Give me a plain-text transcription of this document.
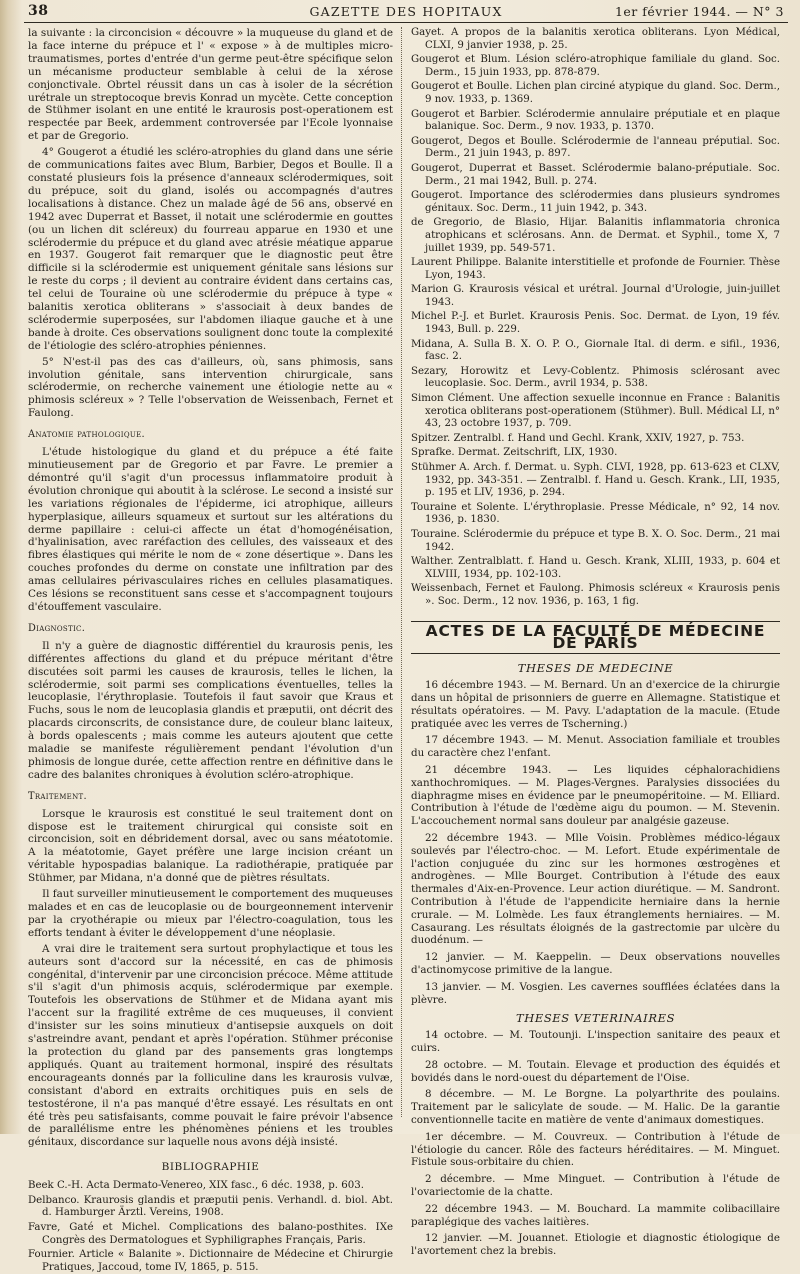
38	GAZETTE DES HOPITAUX	1er février 1944. — N° 3

la suivante : la circoncision « découvre » la muqueuse du gland et de la face interne du prépuce et l' « expose » à de multiples micro-traumatismes, portes d'entrée d'un germe peut-être spécifique selon un mécanisme producteur semblable à celui de la xérose conjonctivale. Obrtel réussit dans un cas à isoler de la sécrétion urétrale un streptocoque brevis Konrad un mycète. Cette conception de Stühmer isolant en une entité le kraurosis post-operationem est respectée par Beek, ardemment controversée par l'Ecole lyonnaise et par de Gregorio.

4° Gougerot a étudié les scléro-atrophies du gland dans une série de communications faites avec Blum, Barbier, Degos et Boulle. Il a constaté plusieurs fois la présence d'anneaux sclérodermiques, soit du prépuce, soit du gland, isolés ou accompagnés d'autres localisations à distance. Chez un malade âgé de 56 ans, observé en 1942 avec Duperrat et Basset, il notait une sclérodermie en gouttes (ou un lichen dit scléreux) du fourreau apparue en 1930 et une sclérodermie du prépuce et du gland avec atrésie méatique apparue en 1937. Gougerot fait remarquer que le diagnostic peut être difficile si la sclérodermie est uniquement génitale sans lésions sur le reste du corps ; il devient au contraire évident dans certains cas, tel celui de Touraine où une sclérodermie du prépuce à type « balanitis xerotica obliterans » s'associait à deux bandes de sclérodermie superposées, sur l'abdomen iliaque gauche et à une bande à droite. Ces observations soulignent donc toute la complexité de l'étiologie des scléro-atrophies péniennes.

5° N'est-il pas des cas d'ailleurs, où, sans phimosis, sans involution génitale, sans intervention chirurgicale, sans sclérodermie, on recherche vainement une étiologie nette au « phimosis scléreux » ? Telle l'observation de Weissenbach, Fernet et Faulong.

Anatomie pathologique.

L'étude histologique du gland et du prépuce a été faite minutieusement par de Gregorio et par Favre. Le premier a démontré qu'il s'agit d'un processus inflammatoire produit à évolution chronique qui aboutit à la sclérose. Le second a insisté sur les variations régionales de l'épiderme, ici atrophique, ailleurs hyperplasique, ailleurs squameux et surtout sur les altérations du derme papillaire : celui-ci affecte un état d'homogénéisation, d'hyalinisation, avec raréfaction des cellules, des vaisseaux et des fibres élastiques qui mérite le nom de « zone désertique ». Dans les couches profondes du derme on constate une infiltration par des amas cellulaires périvasculaires riches en cellules plasamatiques. Ces lésions se reconstituent sans cesse et s'accompagnent toujours d'étouffement vasculaire.

Diagnostic.

Il n'y a guère de diagnostic différentiel du kraurosis penis, les différentes affections du gland et du prépuce méritant d'être discutées soit parmi les causes de kraurosis, telles le lichen, la sclérodermie, soit parmi ses complications éventuelles, telles la leucoplasie, l'érythroplasie. Toutefois il faut savoir que Kraus et Fuchs, sous le nom de leucoplasia glandis et præputii, ont décrit des placards circonscrits, de consistance dure, de couleur blanc laiteux, à bords opalescents ; mais comme les auteurs ajoutent que cette maladie se manifeste régulièrement pendant l'évolution d'un phimosis de longue durée, cette affection rentre en définitive dans le cadre des balanites chroniques à évolution scléro-atrophique.

Traitement.

Lorsque le kraurosis est constitué le seul traitement dont on dispose est le traitement chirurgical qui consiste soit en circoncision, soit en débridement dorsal, avec ou sans méatotomie. A la méatotomie, Gayet préfère une large incision créant un véritable hypospadias balanique. La radiothérapie, pratiquée par Stühmer, par Midana, n'a donné que de piètres résultats.

Il faut surveiller minutieusement le comportement des muqueuses malades et en cas de leucoplasie ou de bourgeonnement intervenir par la cryothérapie ou mieux par l'électro-coagulation, tous les efforts tendant à éviter le développement d'une néoplasie.

A vrai dire le traitement sera surtout prophylactique et tous les auteurs sont d'accord sur la nécessité, en cas de phimosis congénital, d'intervenir par une circoncision précoce. Même attitude s'il s'agit d'un phimosis acquis, sclérodermique par exemple. Toutefois les observations de Stühmer et de Midana ayant mis l'accent sur la fragilité extrême de ces muqueuses, il convient d'insister sur les soins minutieux d'antisepsie auxquels on doit s'astreindre avant, pendant et après l'opération. Stühmer préconise la protection du gland par des pansements gras longtemps appliqués. Quant au traitement hormonal, inspiré des résultats encourageants donnés par la folliculine dans les kraurosis vulvæ, consistant d'abord en extraits orchitiques puis en sels de testostérone, il n'a pas manqué d'être essayé. Les résultats en ont été très peu satisfaisants, comme pouvait le faire prévoir l'absence de parallélisme entre les phénomènes péniens et les troubles génitaux, discordance sur laquelle nous avons déjà insisté.

BIBLIOGRAPHIE
Beek C.-H. Acta Dermato-Venereo, XIX fasc., 6 déc. 1938, p. 603.
Delbanco. Kraurosis glandis et præputii penis. Verhandl. d. biol. Abt. d. Hamburger Ärztl. Vereins, 1908.
Favre, Gaté et Michel. Complications des balano-posthites. IXe Congrès des Dermatologues et Syphiligraphes Français, Paris.
Fournier. Article « Balanite ». Dictionnaire de Médecine et Chirurgie Pratiques, Jaccoud, tome IV, 1865, p. 515.
Gayet. A propos de la balanitis xerotica obliterans. Lyon Médical, CLXI, 9 janvier 1938, p. 25.
Gougerot et Blum. Lésion scléro-atrophique familiale du gland. Soc. Derm., 15 juin 1933, pp. 878-879.
Gougerot et Boulle. Lichen plan circiné atypique du gland. Soc. Derm., 9 nov. 1933, p. 1369.
Gougerot et Barbier. Sclérodermie annulaire préputiale et en plaque balanique. Soc. Derm., 9 nov. 1933, p. 1370.
Gougerot, Degos et Boulle. Sclérodermie de l'anneau préputial. Soc. Derm., 21 juin 1943, p. 897.
Gougerot, Duperrat et Basset. Sclérodermie balano-préputiale. Soc. Derm., 21 mai 1942, Bull. p. 274.
Gougerot. Importance des sclérodermies dans plusieurs syndromes génitaux. Soc. Derm., 11 juin 1942, p. 343.
de Gregorio, de Blasio, Hijar. Balanitis inflammatoria chronica atrophicans et sclérosans. Ann. de Dermat. et Syphil., tome X, 7 juillet 1939, pp. 549-571.
Laurent Philippe. Balanite interstitielle et profonde de Fournier. Thèse Lyon, 1943.
Marion G. Kraurosis vésical et urétral. Journal d'Urologie, juin-juillet 1943.
Michel P.-J. et Burlet. Kraurosis Penis. Soc. Dermat. de Lyon, 19 fév. 1943, Bull. p. 229.
Midana, A. Sulla B. X. O. P. O., Giornale Ital. di derm. e sifil., 1936, fasc. 2.
Sezary, Horowitz et Levy-Coblentz. Phimosis sclérosant avec leucoplasie. Soc. Derm., avril 1934, p. 538.
Simon Clément. Une affection sexuelle inconnue en France : Balanitis xerotica obliterans post-operationem (Stühmer). Bull. Médical LI, n° 43, 23 octobre 1937, p. 709.
Spitzer. Zentralbl. f. Hand und Gechl. Krank, XXIV, 1927, p. 753.
Sprafke. Dermat. Zeitschrift, LIX, 1930.
Stühmer A. Arch. f. Dermat. u. Syph. CLVI, 1928, pp. 613-623 et CLXV, 1932, pp. 343-351. — Zentralbl. f. Hand u. Gesch. Krank., LII, 1935, p. 195 et LIV, 1936, p. 294.
Touraine et Solente. L'érythroplasie. Presse Médicale, n° 92, 14 nov. 1936, p. 1830.
Touraine. Sclérodermie du prépuce et type B. X. O. Soc. Derm., 21 mai 1942.
Walther. Zentralblatt. f. Hand u. Gesch. Krank, XLIII, 1933, p. 604 et XLVIII, 1934, pp. 102-103.
Weissenbach, Fernet et Faulong. Phimosis scléreux « Kraurosis penis ». Soc. Derm., 12 nov. 1936, p. 163, 1 fig.
ACTES DE LA FACULTÉ DE MÉDECINE DE PARIS
THESES DE MEDECINE

16 décembre 1943. — M. Bernard. Un an d'exercice de la chirurgie dans un hôpital de prisonniers de guerre en Allemagne. Statistique et résultats opératoires. — M. Pavy. L'adaptation de la macule. (Etude pratiquée avec les verres de Tscherning.)

17 décembre 1943. — M. Menut. Association familiale et troubles du caractère chez l'enfant.

21 décembre 1943. — Les liquides céphalorachidiens xanthochromiques. — M. Plages-Vergnes. Paralysies dissociées du diaphragme mises en évidence par le pneumopéritoine. — M. Elliard. Contribution à l'étude de l'œdème aigu du poumon. — M. Stevenin. L'accouchement normal sans douleur par analgésie gazeuse.

22 décembre 1943. — Mlle Voisin. Problèmes médico-légaux soulevés par l'électro-choc. — M. Lefort. Etude expérimentale de l'action conjuguée du zinc sur les hormones œstrogènes et androgènes. — Mlle Bourget. Contribution à l'étude des eaux thermales d'Aix-en-Provence. Leur action diurétique. — M. Sandront. Contribution à l'étude de l'appendicite herniaire dans la hernie crurale. — M. Lolmède. Les faux étranglements herniaires. — M. Casaurang. Les résultats éloignés de la gastrectomie par ulcère du duodénum. —

12 janvier. — M. Kaeppelin. — Deux observations nouvelles d'actinomycose primitive de la langue.

13 janvier. — M. Vosgien. Les cavernes soufflées éclatées dans la plèvre.

THESES VETERINAIRES

14 octobre. — M. Toutounji. L'inspection sanitaire des peaux et cuirs.

28 octobre. — M. Toutain. Elevage et production des équidés et bovidés dans le nord-ouest du département de l'Oise.

8 décembre. — M. Le Borgne. La polyarthrite des poulains. Traitement par le salicylate de soude. — M. Halic. De la garantie conventionnelle tacite en matière de vente d'animaux domestiques.

1er décembre. — M. Couvreux. — Contribution à l'étude de l'étiologie du cancer. Rôle des facteurs héréditaires. — M. Minguet. Fistule sous-orbitaire du chien.

2 décembre. — Mme Minguet. — Contribution à l'étude de l'ovariectomie de la chatte.

22 décembre 1943. — M. Bouchard. La mammite colibacillaire paraplégique des vaches laitières.

12 janvier. —M. Jouannet. Etiologie et diagnostic étiologique de l'avortement chez la brebis.
